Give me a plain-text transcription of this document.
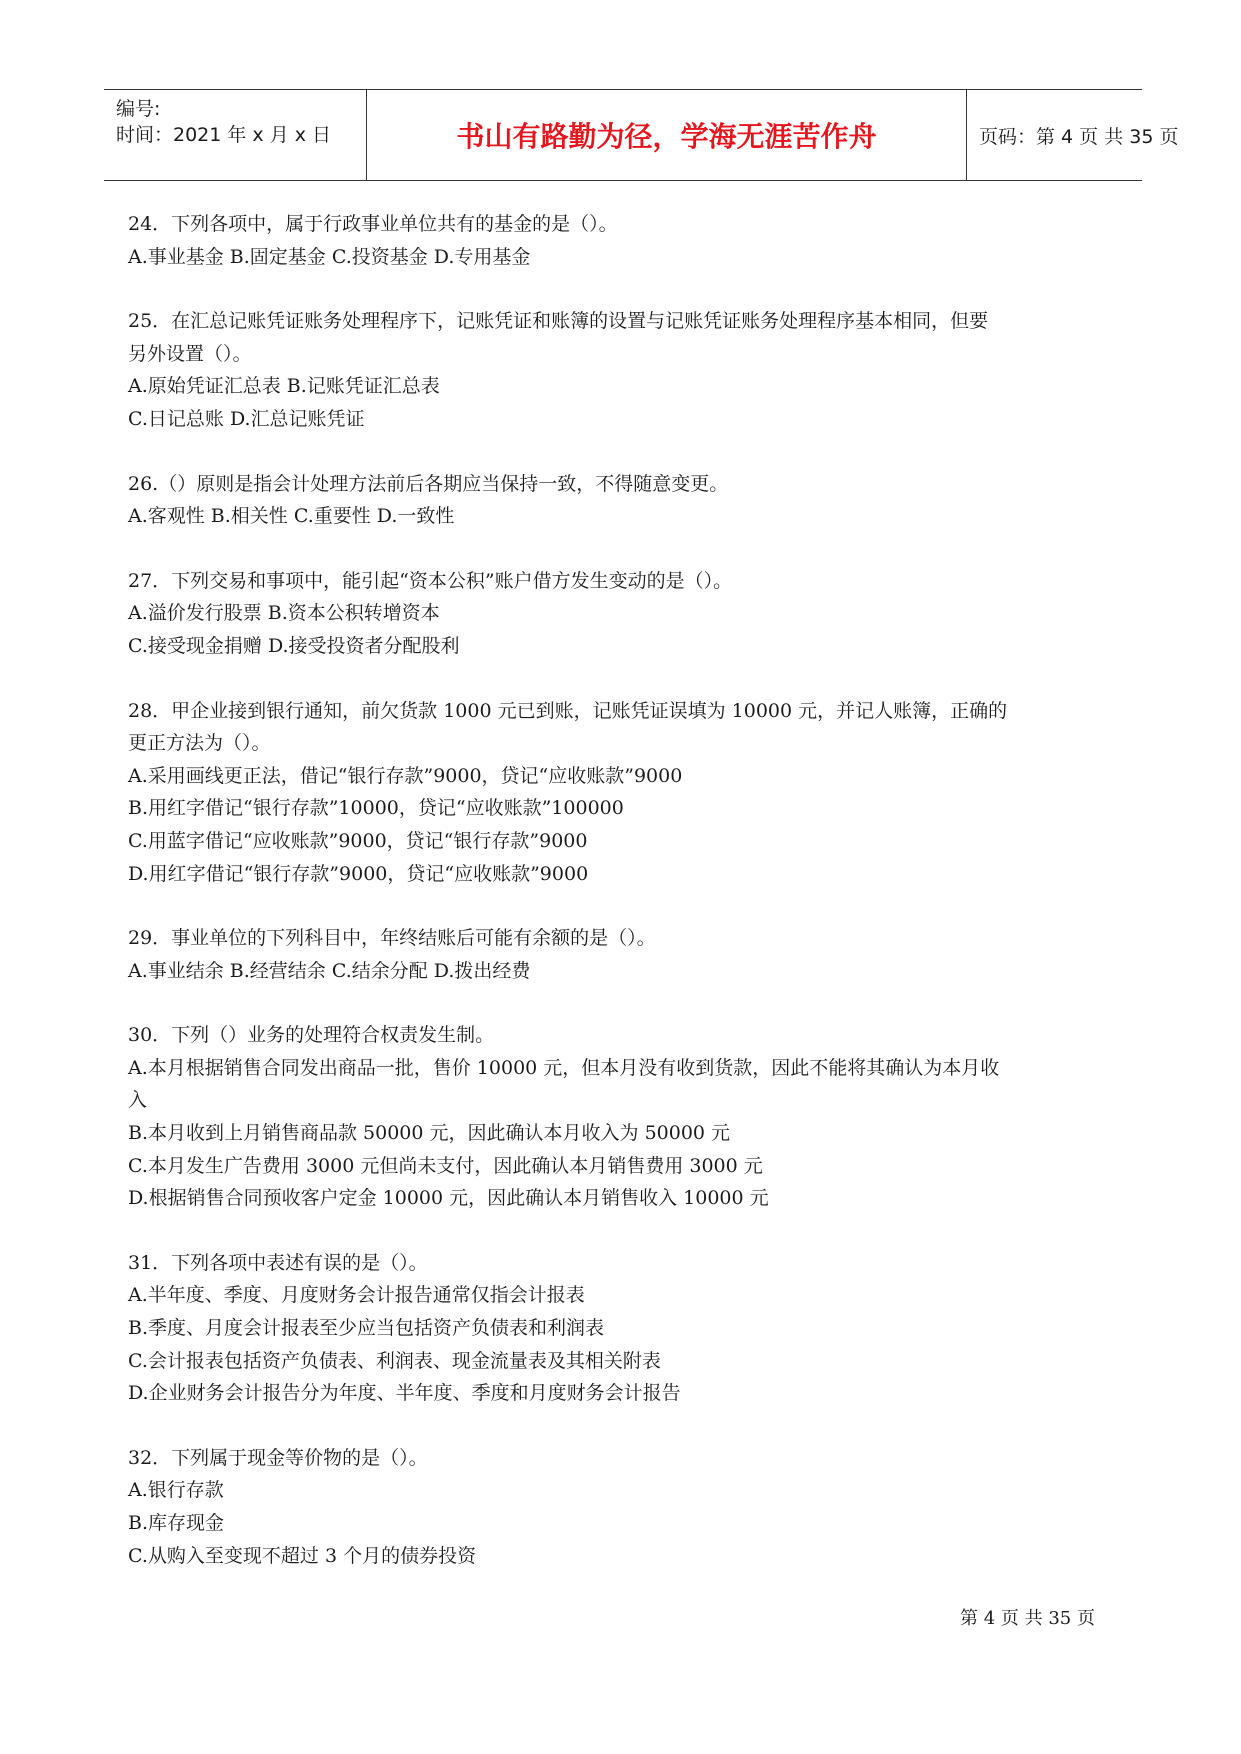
编号:
时间：2021 年 x 月 x 日	书山有路勤为径，学海无涯苦作舟	页码：第 4 页 共 35 页
24．下列各项中，属于行政事业单位共有的基金的是（）。
A.事业基金 B.固定基金 C.投资基金 D.专用基金
25．在汇总记账凭证账务处理程序下，记账凭证和账簿的设置与记账凭证账务处理程序基本相同，但要
另外设置（）。
A.原始凭证汇总表 B.记账凭证汇总表
C.日记总账 D.汇总记账凭证
26.（）原则是指会计处理方法前后各期应当保持一致，不得随意变更。
A.客观性 B.相关性 C.重要性 D.一致性
27．下列交易和事项中，能引起“资本公积”账户借方发生变动的是（）。
A.溢价发行股票 B.资本公积转增资本
C.接受现金捐赠 D.接受投资者分配股利
28．甲企业接到银行通知，前欠货款 1000 元已到账，记账凭证误填为 10000 元，并记人账簿，正确的
更正方法为（）。
A.采用画线更正法，借记“银行存款”9000，贷记“应收账款”9000
B.用红字借记“银行存款”10000，贷记“应收账款”100000
C.用蓝字借记“应收账款”9000，贷记“银行存款”9000
D.用红字借记“银行存款”9000，贷记“应收账款”9000
29．事业单位的下列科目中，年终结账后可能有余额的是（）。
A.事业结余 B.经营结余 C.结余分配 D.拨出经费
30．下列（）业务的处理符合权责发生制。
A.本月根据销售合同发出商品一批，售价 10000 元，但本月没有收到货款，因此不能将其确认为本月收
入
B.本月收到上月销售商品款 50000 元，因此确认本月收入为 50000 元
C.本月发生广告费用 3000 元但尚未支付，因此确认本月销售费用 3000 元
D.根据销售合同预收客户定金 10000 元，因此确认本月销售收入 10000 元
31．下列各项中表述有误的是（）。
A.半年度、季度、月度财务会计报告通常仅指会计报表
B.季度、月度会计报表至少应当包括资产负债表和利润表
C.会计报表包括资产负债表、利润表、现金流量表及其相关附表
D.企业财务会计报告分为年度、半年度、季度和月度财务会计报告
32．下列属于现金等价物的是（）。
A.银行存款
B.库存现金
C.从购入至变现不超过 3 个月的债券投资
第 4 页 共 35 页
